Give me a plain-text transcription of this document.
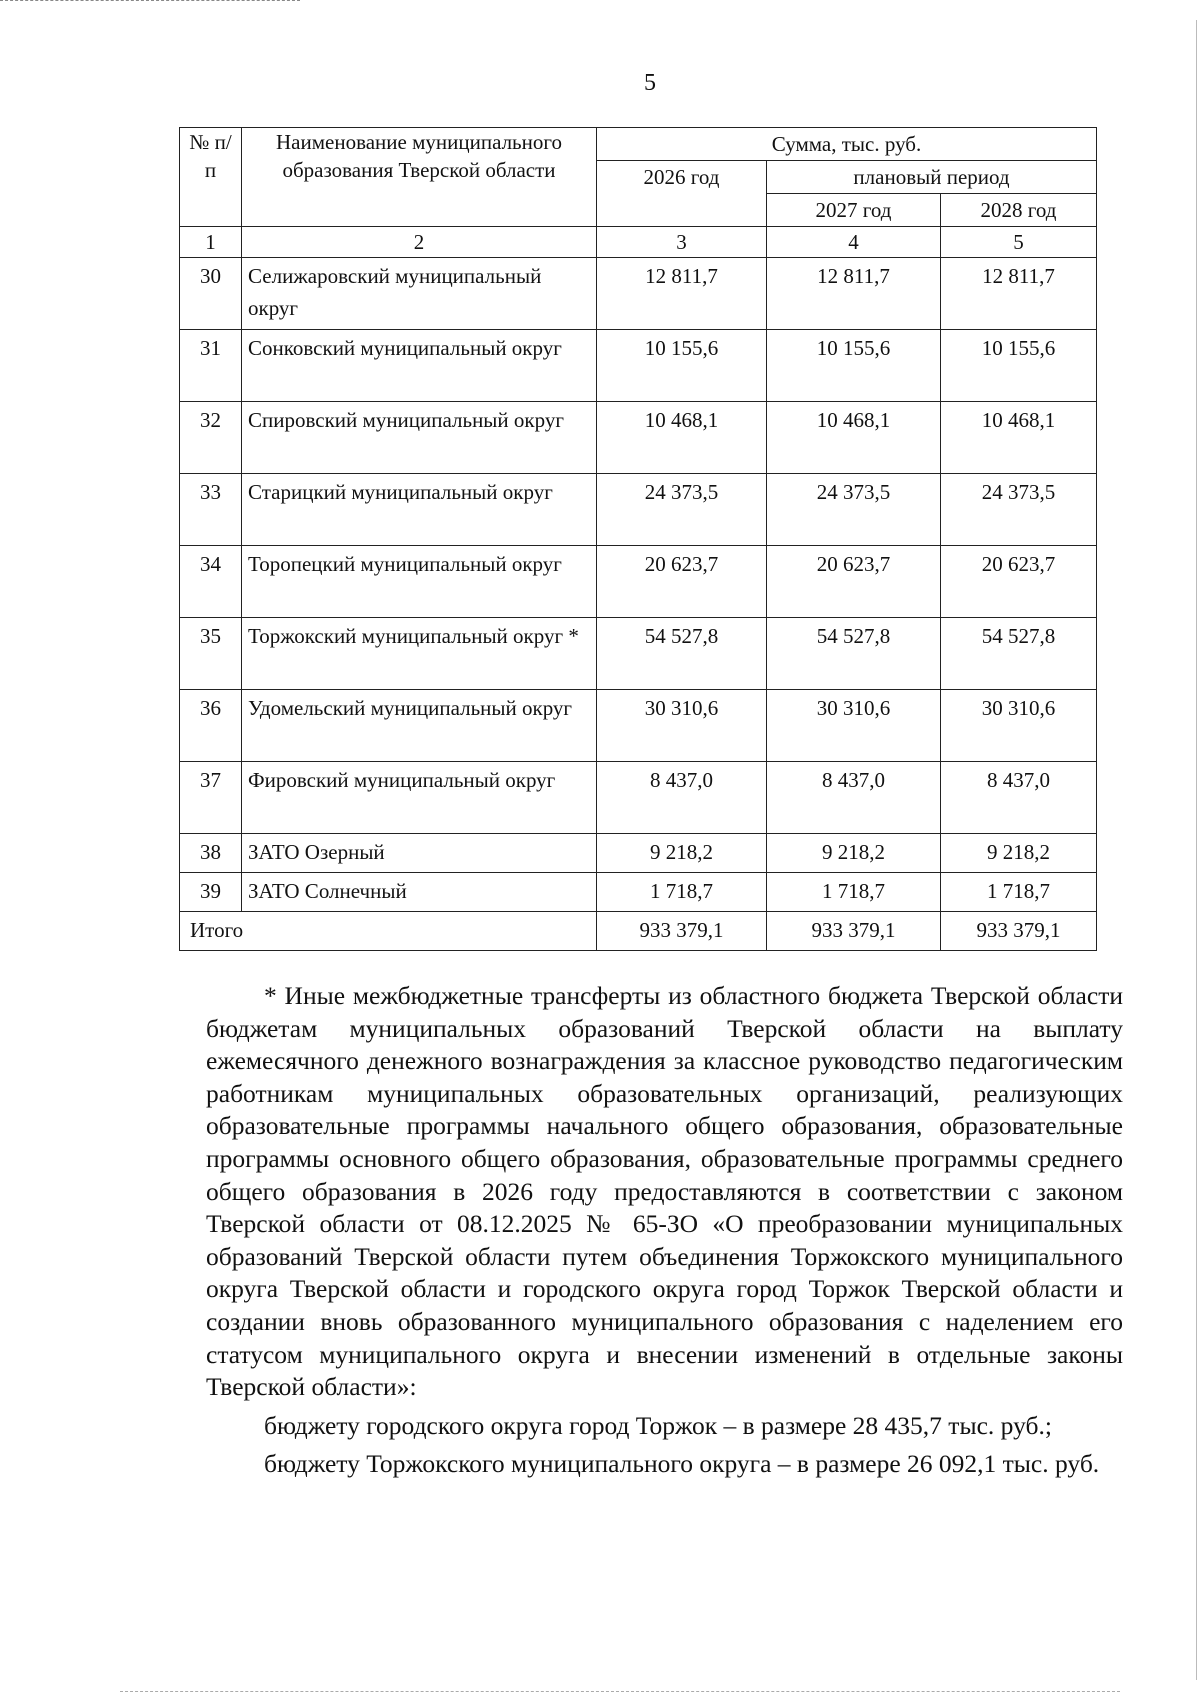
5
№ п/п	Наименование муниципального образования Тверской области	Сумма, тыс. руб.		
		2026 год	плановый период	
			2027 год	2028 год
1	2	3	4	5
30	Селижаровский муниципальный округ	12 811,7	12 811,7	12 811,7
31	Сонковский муниципальный округ	10 155,6	10 155,6	10 155,6
32	Спировский муниципальный округ	10 468,1	10 468,1	10 468,1
33	Старицкий муниципальный округ	24 373,5	24 373,5	24 373,5
34	Торопецкий муниципальный округ	20 623,7	20 623,7	20 623,7
35	Торжокский муниципальный округ *	54 527,8	54 527,8	54 527,8
36	Удомельский муниципальный округ	30 310,6	30 310,6	30 310,6
37	Фировский муниципальный округ	8 437,0	8 437,0	8 437,0
38	ЗАТО Озерный	9 218,2	9 218,2	9 218,2
39	ЗАТО Солнечный	1 718,7	1 718,7	1 718,7
Итого		933 379,1	933 379,1	933 379,1

* Иные межбюджетные трансферты из областного бюджета Тверской области бюджетам муниципальных образований Тверской области на выплату ежемесячного денежного вознаграждения за классное руководство педагогическим работникам муниципальных образовательных организаций, реализующих образовательные программы начального общего образования, образовательные программы основного общего образования, образовательные программы среднего общего образования в 2026 году предоставляются в соответствии с законом Тверской области от 08.12.2025 № 65-ЗО «О преобразовании муниципальных образований Тверской области путем объединения Торжокского муниципального округа Тверской области и городского округа город Торжок Тверской области и создании вновь образованного муниципального образования с наделением его статусом муниципального округа и внесении изменений в отдельные законы Тверской области»:

бюджету городского округа город Торжок – в размере 28 435,7 тыс. руб.;

бюджету Торжокского муниципального округа – в размере 26 092,1 тыс. руб.
